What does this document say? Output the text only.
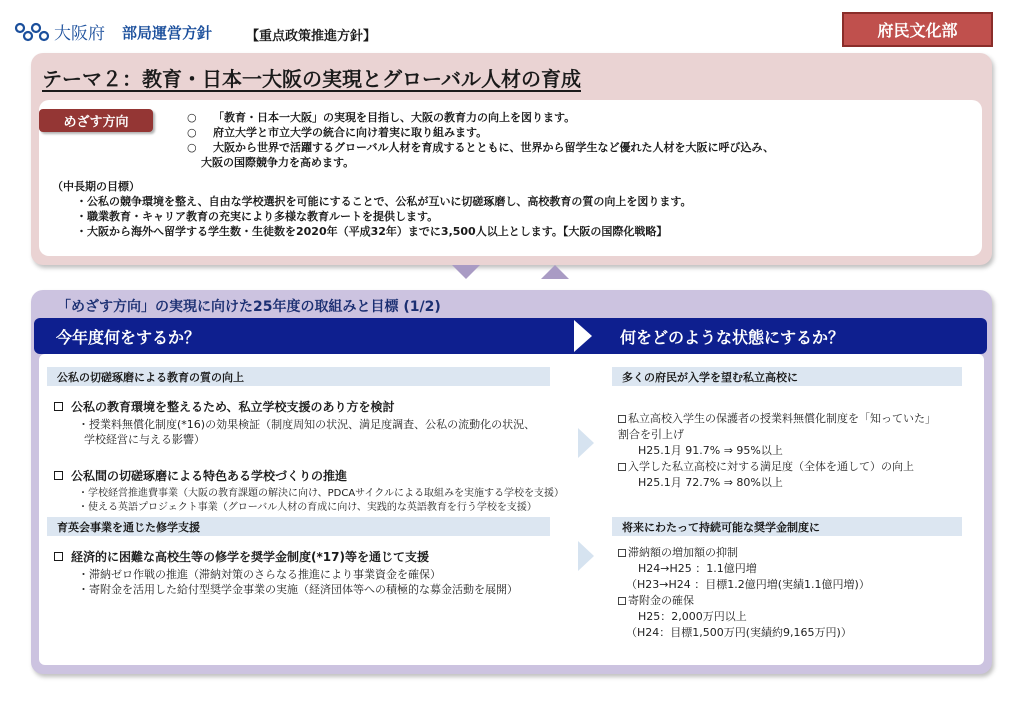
大阪府 部局運営方針	【重点政策推進方針】	府民文化部
テーマ２：教育・日本一大阪の実現とグローバル人材の育成
めざす方向	○	「教育・日本一大阪」の実現を目指し、大阪の教育力の向上を図ります。
○	府立大学と市立大学の統合に向け着実に取り組みます。
○	大阪から世界で活躍するグローバル人材を育成するとともに、世界から留学生など優れた人材を大阪に呼び込み、
大阪の国際競争力を高めます。
（中長期の目標）
・公私の競争環境を整え、自由な学校選択を可能にすることで、公私が互いに切磋琢磨し、高校教育の質の向上を図ります。
・職業教育・キャリア教育の充実により多様な教育ルートを提供します。
・大阪から海外へ留学する学生数・生徒数を2020年（平成32年）までに3,500人以上とします。【大阪の国際化戦略】
「めざす方向」の実現に向けた25年度の取組みと目標 (1/2)
今年度何をするか？	何をどのような状態にするか？
公私の切磋琢磨による教育の質の向上	多くの府民が入学を望む私立高校に
公私の教育環境を整えるため、私立学校支援のあり方を検討
・授業料無償化制度(*16)の効果検証（制度周知の状況、満足度調査、公私の流動化の状況、
学校経営に与える影響）
公私間の切磋琢磨による特色ある学校づくりの推進
・学校経営推進費事業（大阪の教育課題の解決に向け、PDCAサイクルによる取組みを実施する学校を支援）
・使える英語プロジェクト事業（グローバル人材の育成に向け、実践的な英語教育を行う学校を支援）
私立高校入学生の保護者の授業料無償化制度を「知っていた」
割合を引上げ
H25.1月 91.7% ⇒ 95%以上
入学した私立高校に対する満足度（全体を通して）の向上
H25.1月 72.7% ⇒ 80%以上
育英会事業を通じた修学支援	将来にわたって持続可能な奨学金制度に
経済的に困難な高校生等の修学を奨学金制度(*17)等を通じて支援
・滞納ゼロ作戦の推進（滞納対策のさらなる推進により事業資金を確保）
・寄附金を活用した給付型奨学金事業の実施（経済団体等への積極的な募金活動を展開）
滞納額の増加額の抑制
H24→H25 ：1.1億円増
（H23→H24 ：目標1.2億円増(実績1.1億円増)）
寄附金の確保
H25：2,000万円以上
（H24：目標1,500万円(実績約9,165万円)）
